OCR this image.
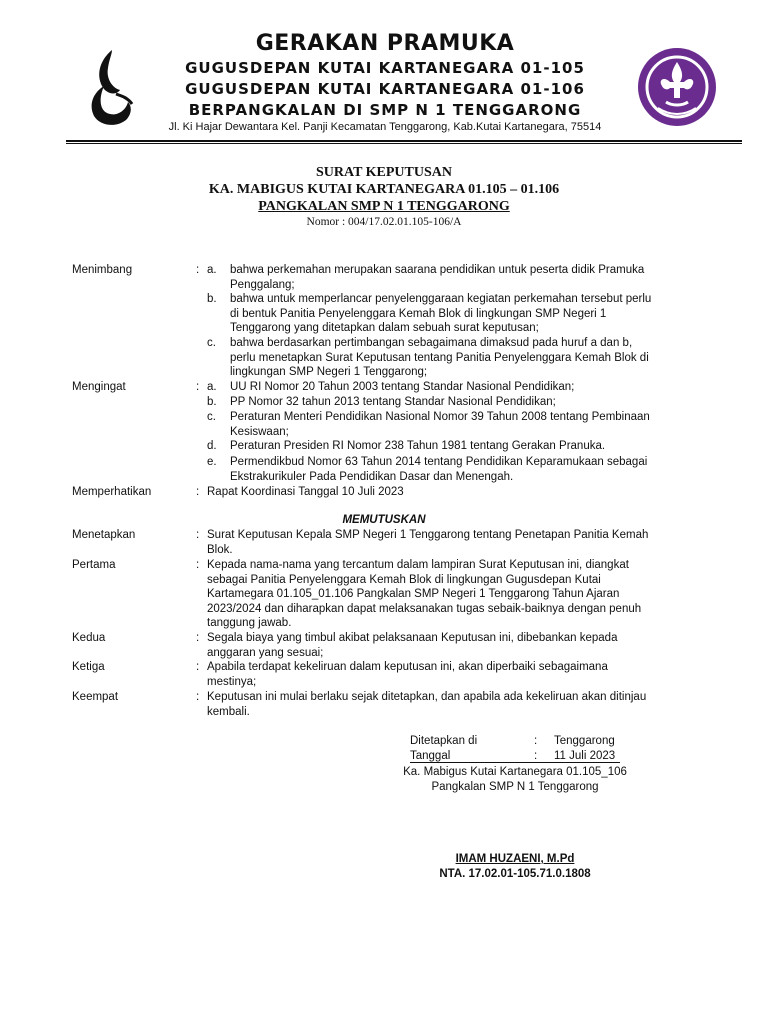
GERAKAN PRAMUKA
GUGUSDEPAN KUTAI KARTANEGARA 01-105
GUGUSDEPAN KUTAI KARTANEGARA 01-106
BERPANGKALAN DI SMP N 1 TENGGARONG
Jl. Ki Hajar Dewantara Kel. Panji Kecamatan Tenggarong, Kab.Kutai Kartanegara, 75514
SURAT KEPUTUSAN
KA. MABIGUS KUTAI KARTANEGARA 01.105 – 01.106
PANGKALAN SMP N 1 TENGGARONG
Nomor : 004/17.02.01.105-106/A
Menimbang	: a. bahwa perkemahan merupakan saarana pendidikan untuk peserta didik Pramuka
Penggalang;
b. bahwa untuk memperlancar penyelenggaraan kegiatan perkemahan tersebut perlu
di bentuk Panitia Penyelenggara Kemah Blok di lingkungan SMP Negeri 1
Tenggarong yang ditetapkan dalam sebuah surat keputusan;
c. bahwa berdasarkan pertimbangan sebagaimana dimaksud pada huruf a dan b,
perlu menetapkan Surat Keputusan tentang Panitia Penyelenggara Kemah Blok di
lingkungan SMP Negeri 1 Tenggarong;
Mengingat	: a. UU RI Nomor 20 Tahun 2003 tentang Standar Nasional Pendidikan;
b. PP Nomor 32 tahun 2013 tentang Standar Nasional Pendidikan;
c. Peraturan Menteri Pendidikan Nasional Nomor 39 Tahun 2008 tentang Pembinaan
Kesiswaan;
d. Peraturan Presiden RI Nomor 238 Tahun 1981 tentang Gerakan Pranuka.
e. Permendikbud Nomor 63 Tahun 2014 tentang Pendidikan Keparamukaan sebagai
Ekstrakurikuler Pada Pendidikan Dasar dan Menengah.
Memperhatikan	: Rapat Koordinasi Tanggal 10 Juli 2023
MEMUTUSKAN
Menetapkan	: Surat Keputusan Kepala SMP Negeri 1 Tenggarong tentang Penetapan Panitia Kemah
Blok.
Pertama	: Kepada nama-nama yang tercantum dalam lampiran Surat Keputusan ini, diangkat
sebagai Panitia Penyelenggara Kemah Blok di lingkungan Gugusdepan Kutai
Kartamegara 01.105_01.106 Pangkalan SMP Negeri 1 Tenggarong Tahun Ajaran
2023/2024 dan diharapkan dapat melaksanakan tugas sebaik-baiknya dengan penuh
tanggung jawab.
Kedua	: Segala biaya yang timbul akibat pelaksanaan Keputusan ini, dibebankan kepada
anggaran yang sesuai;
Ketiga	: Apabila terdapat kekeliruan dalam keputusan ini, akan diperbaiki sebagaimana
mestinya;
Keempat	: Keputusan ini mulai berlaku sejak ditetapkan, dan apabila ada kekeliruan akan ditinjau
kembali.
Ditetapkan di	: Tenggarong
Tanggal	: 11 Juli 2023
Ka. Mabigus Kutai Kartanegara 01.105_106
Pangkalan SMP N 1 Tenggarong
IMAM HUZAENI, M.Pd
NTA. 17.02.01-105.71.0.1808
